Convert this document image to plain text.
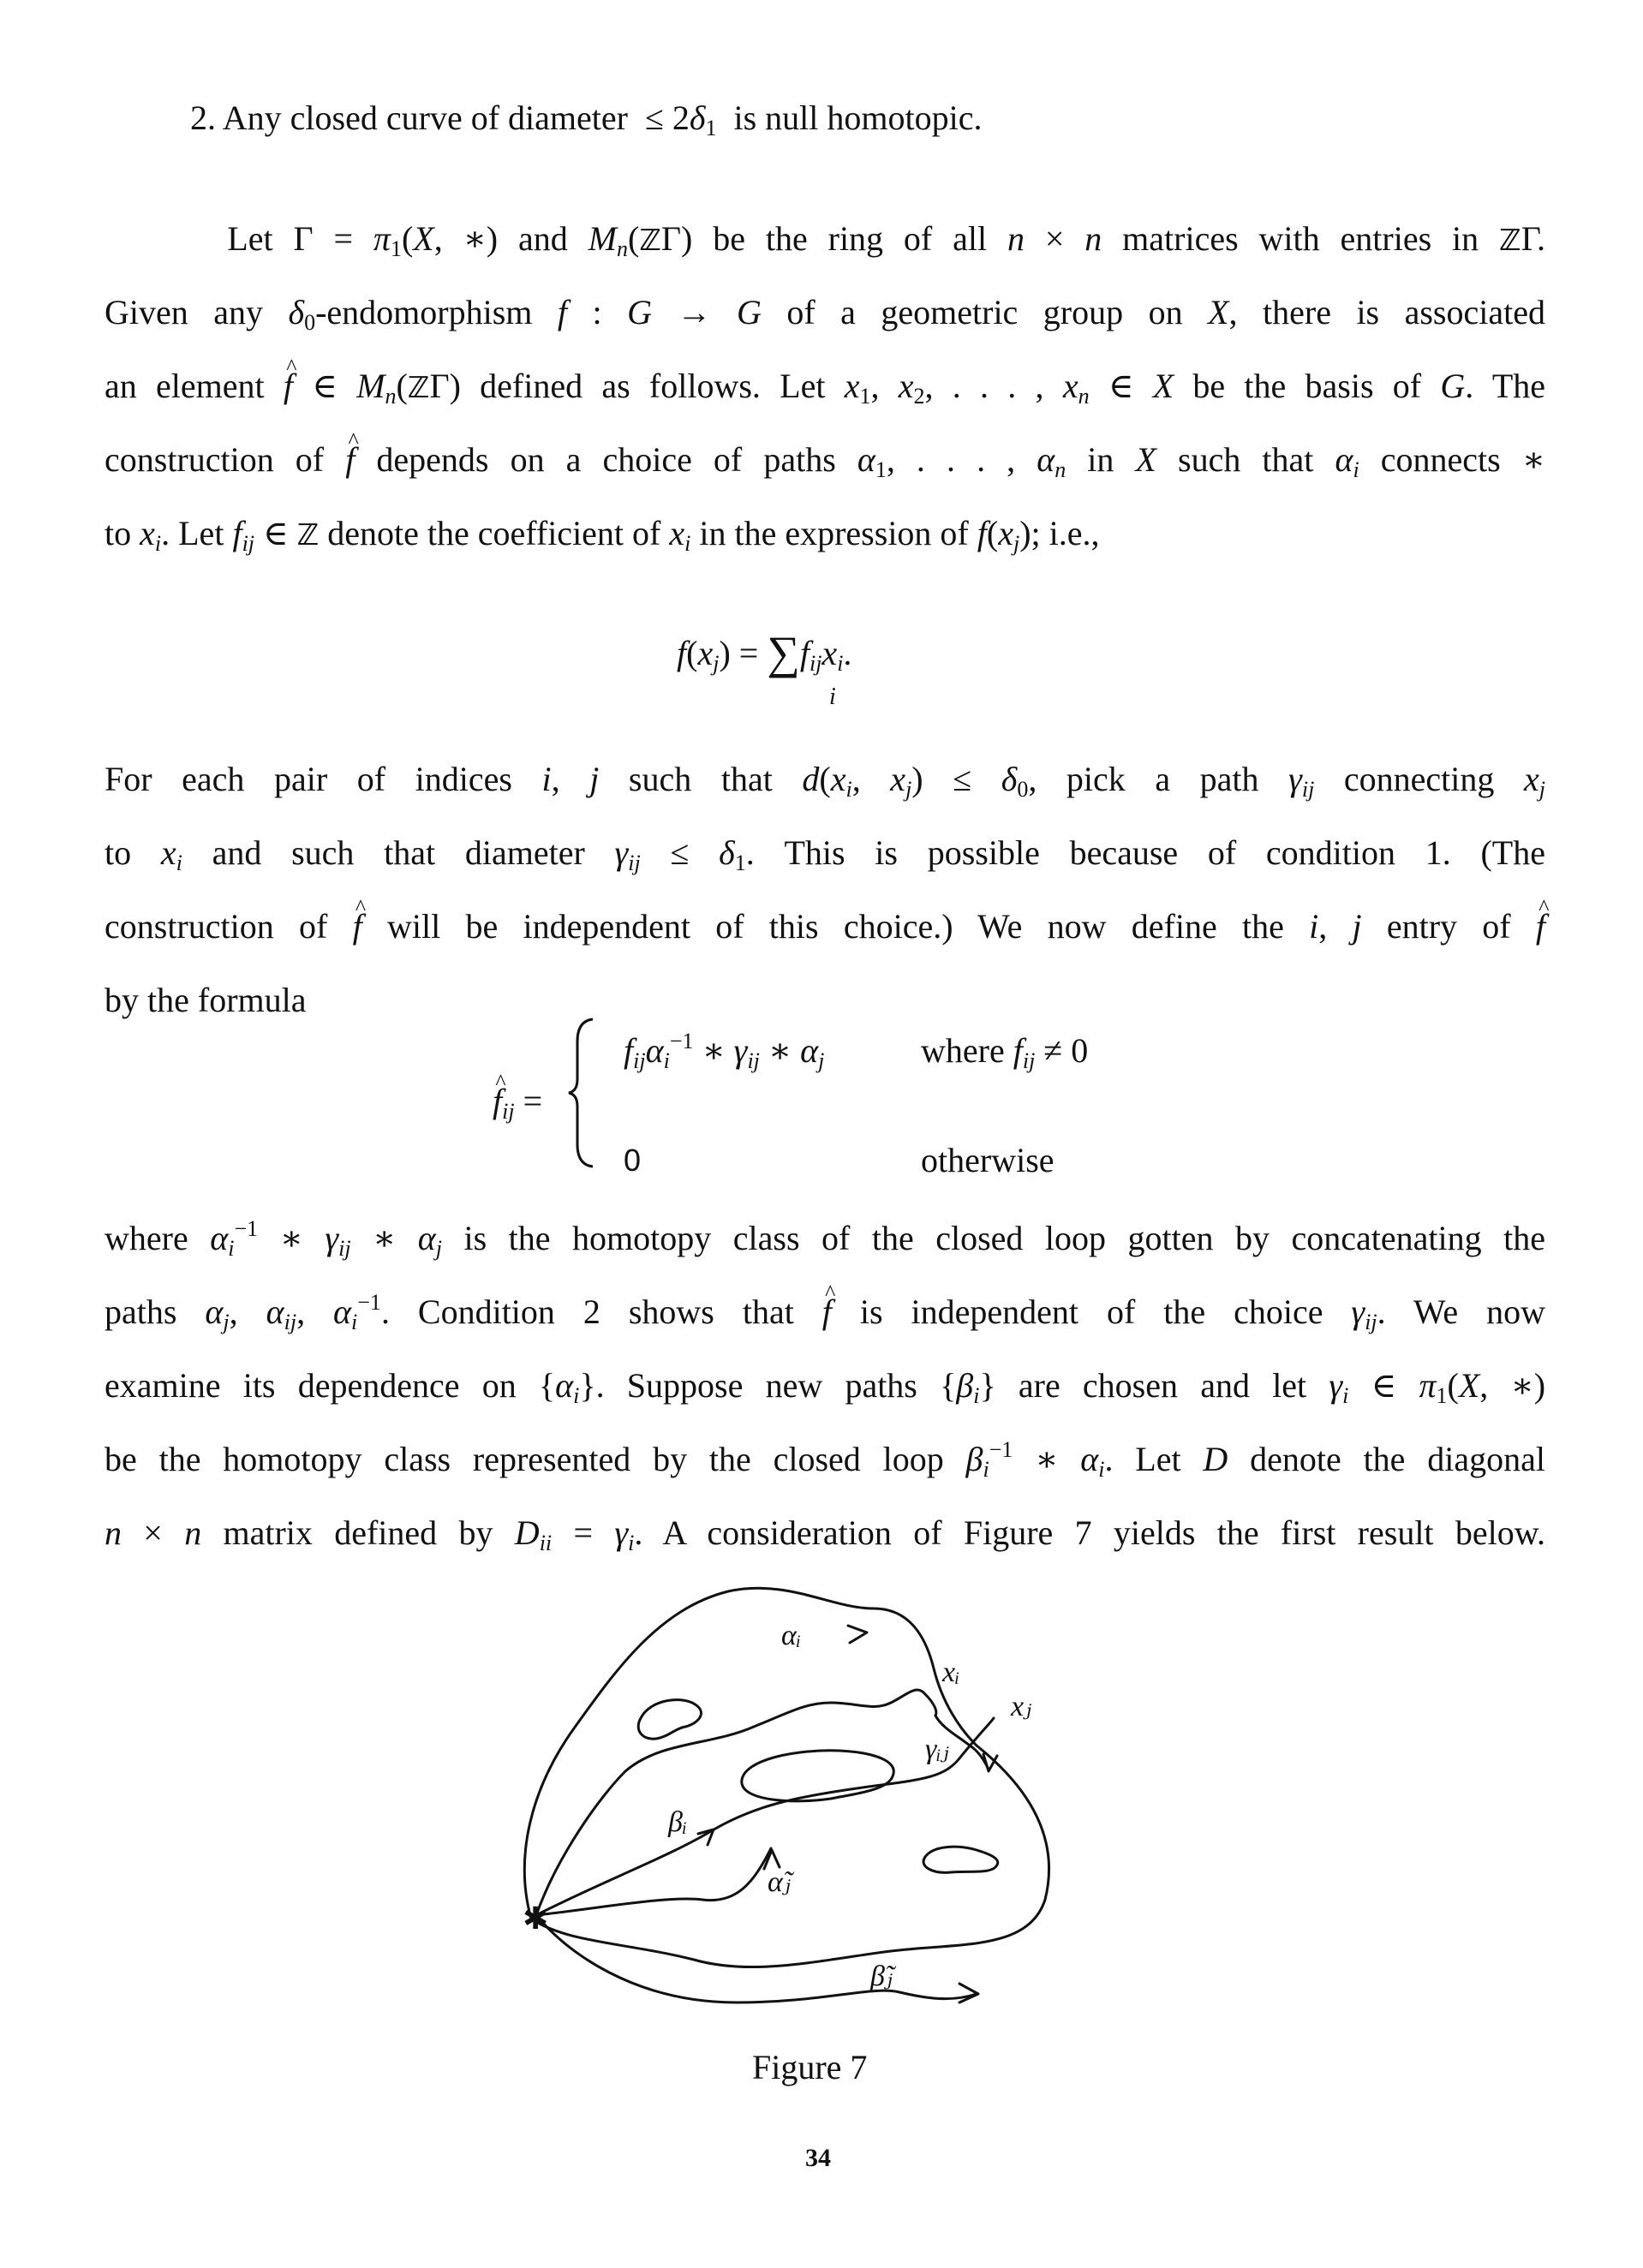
2. Any closed curve of diameter  ≤ $2\delta_1$  is null homotopic.
Let $\Gamma = \pi_1(X$, ∗) and $M_n(ℤ\Gamma)$ be the ring of all n × n matrices with entries in ℤΓ.
Given any $\delta_0$-endomorphism f : G → G of a geometric group on X, there is associated
an element ^ f ∈ $M_n(ℤ\Gamma)$ defined as follows. Let $x_1$, $x_2$, . . . , $x_n$ ∈ X be the basis of G. The
construction of ^ f depends on a choice of paths $\alpha_1$, . . . , $\alpha_n$ in X such that $\alpha_i$ connects ∗
to $x_i$. Let $f_{ij}$ ∈ ℤ denote the coefficient of $x_i$ in the expression of $f(x_j)$; i.e.,
$f(x_j) = \sum f_{ij}x_i$.
i
For each pair of indices i, j such that $d(x_i$, $x_j) \le \delta_0$, pick a path $\gamma_{ij}$ connecting $x_j$
to $x_i$ and such that diameter $\gamma_{ij} \le \delta_1$. This is possible because of condition 1. (The
construction of ^ f will be independent of this choice.) We now define the i, j entry of ^ f
by the formula
^ $f_{ij}$ =
$f_{ij}\alpha_i^{-1}$ ∗ $\gamma_{ij}$ ∗ $\alpha_j$	where $f_{ij} \ne 0$
0	otherwise
where $\alpha_i^{-1}$ ∗ $\gamma_{ij}$ ∗ $\alpha_j$ is the homotopy class of the closed loop gotten by concatenating the
paths $\alpha_j$, $\alpha_{ij}$, $\alpha_i^{-1}$. Condition 2 shows that ^ f is independent of the choice $\gamma_{ij}$. We now
examine its dependence on $\{\alpha_i\}$. Suppose new paths $\{\beta_i\}$ are chosen and let $\gamma_i$ ∈ $\pi_1(X$, ∗)
be the homotopy class represented by the closed loop $\beta_i^{-1}$ ∗ $\alpha_i$. Let D denote the diagonal
n × n matrix defined by $D_{ii} = \gamma_i$. A consideration of Figure 7 yields the first result below.
✱
αᵢ
xᵢ
xⱼ
γᵢⱼ
βᵢ
α̃ⱼ
β̃ⱼ
Figure 7
34
